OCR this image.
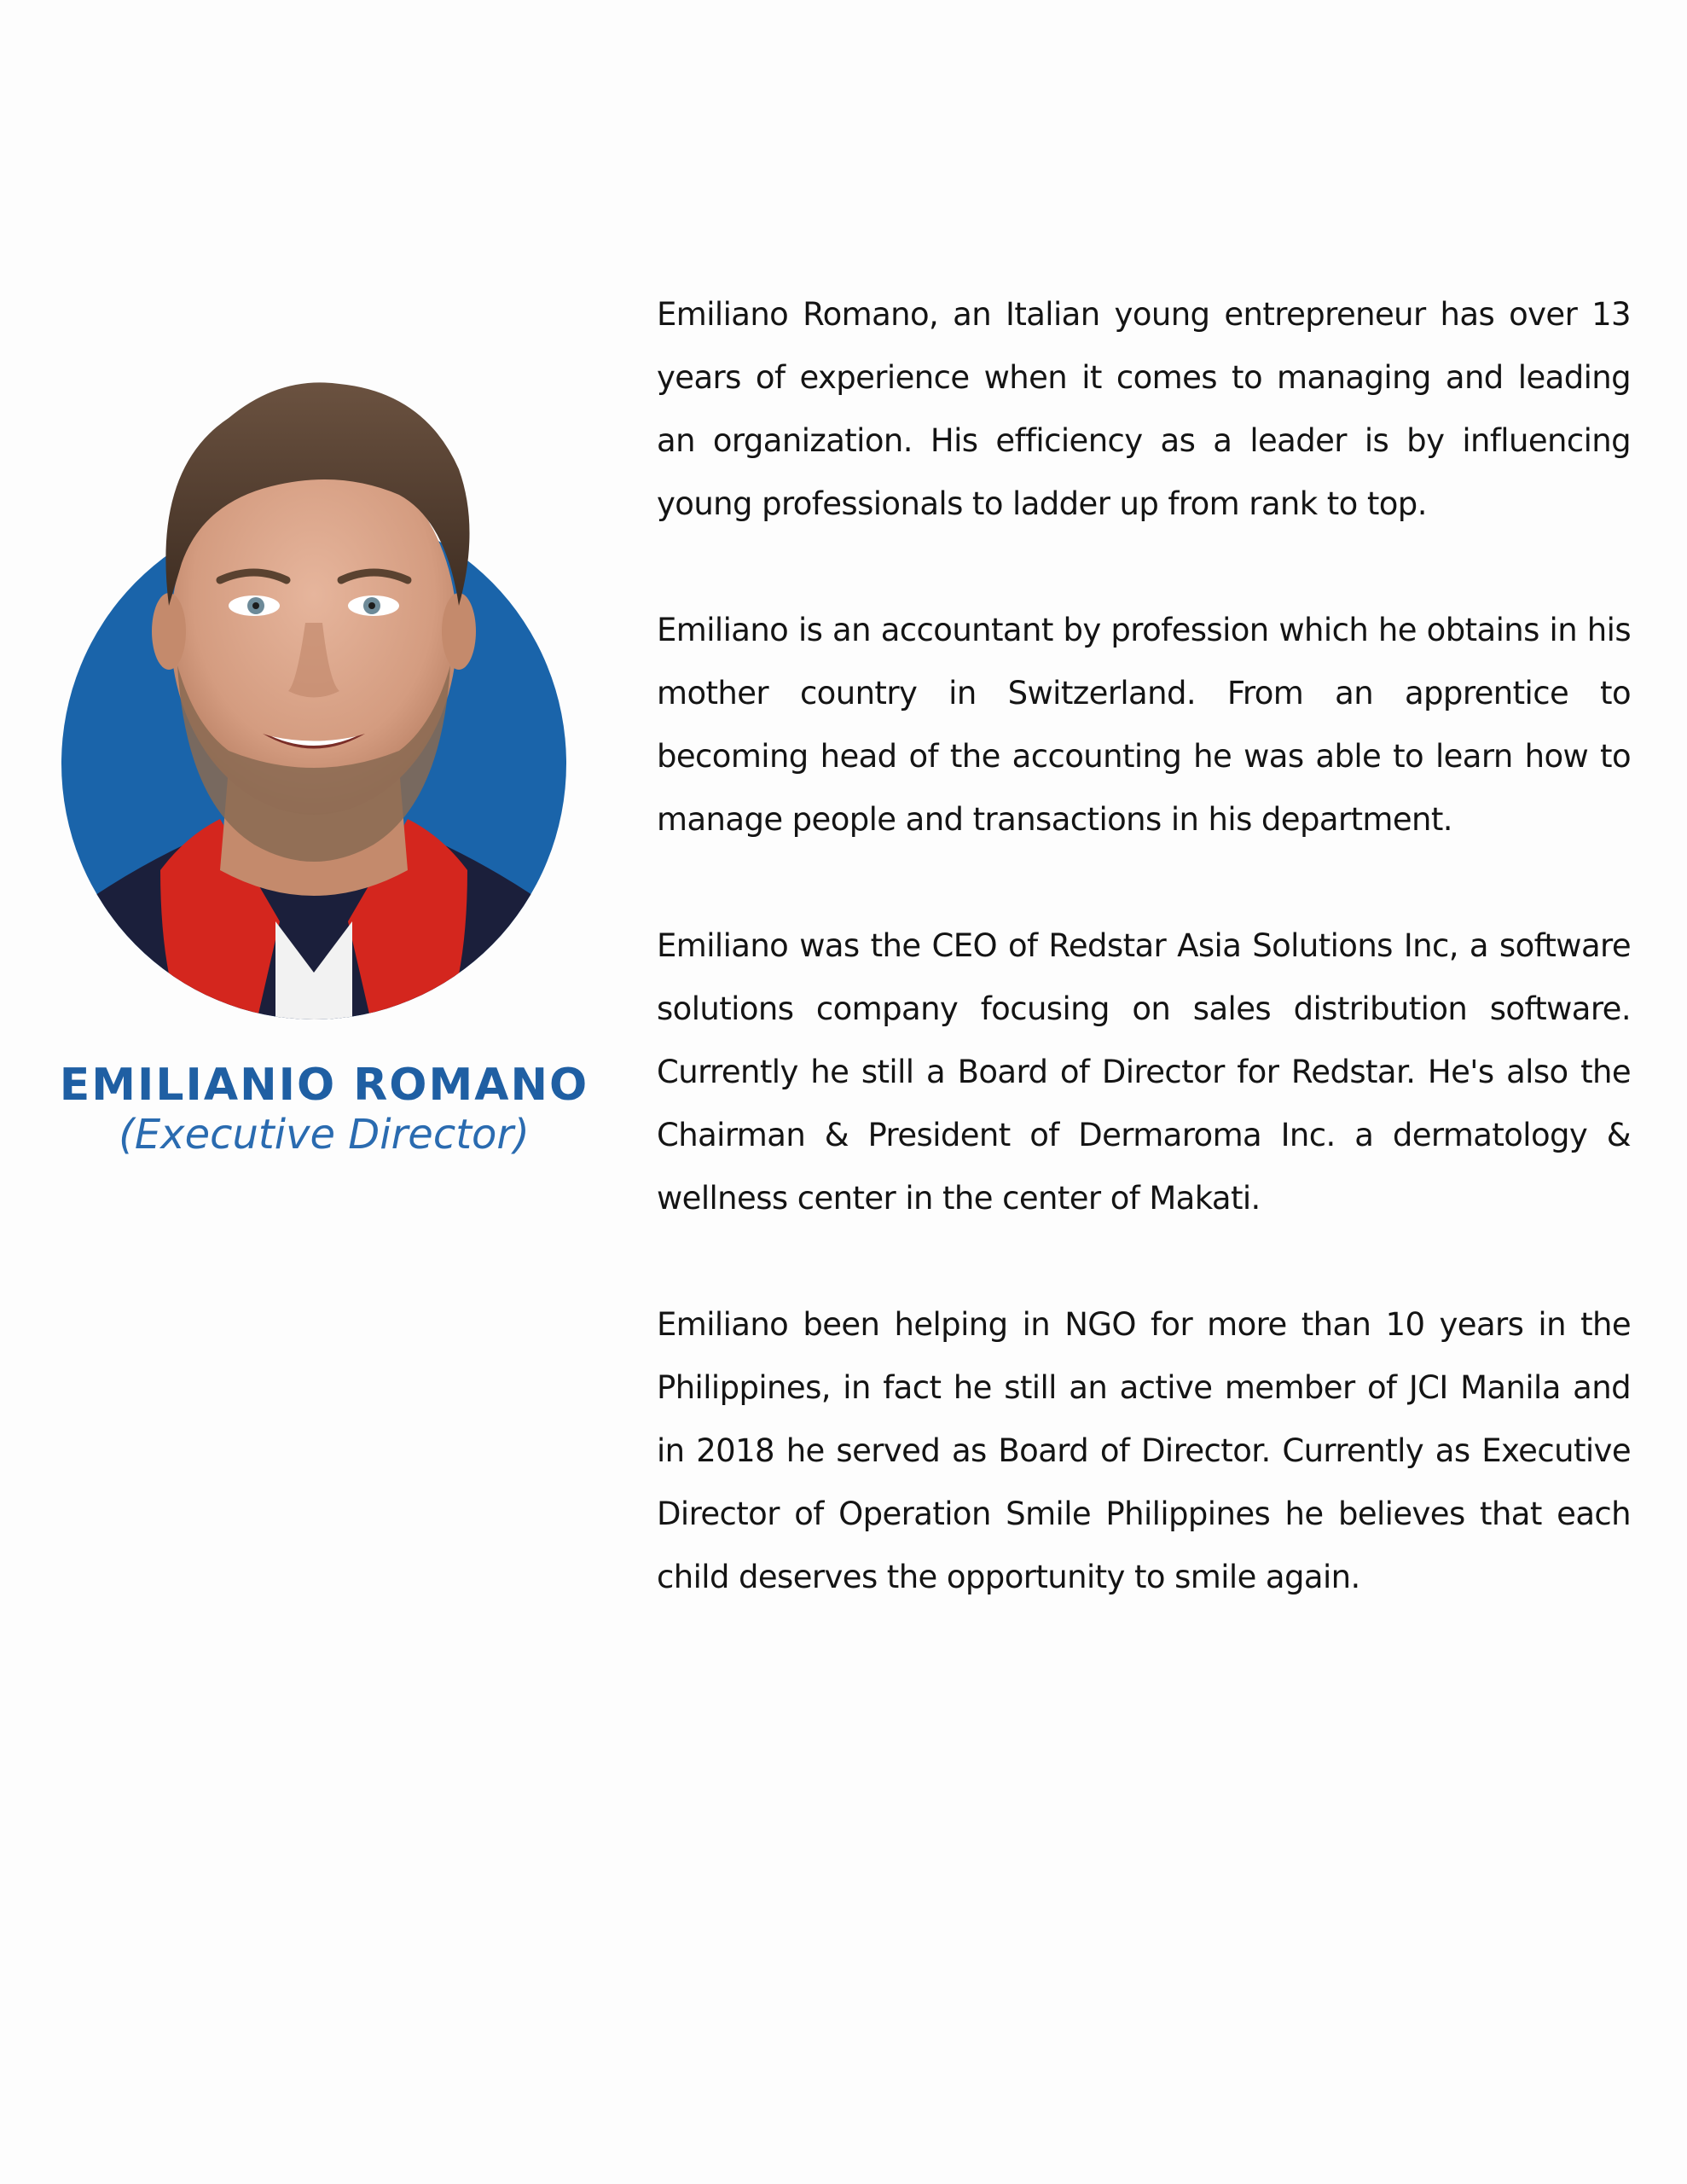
EMILIANIO ROMANO
(Executive Director)

Emiliano Romano, an Italian young entrepreneur has over 13 years of experience when it comes to managing and leading an organization. His efficiency as a leader is by influencing young professionals to ladder up from rank to top.

Emiliano is an accountant by profession which he obtains in his mother country in Switzerland. From an apprentice to becoming head of the accounting he was able to learn how to manage people and transactions in his department.

Emiliano was the CEO of Redstar Asia Solutions Inc, a software solutions company focusing on sales distribution software. Currently he still a Board of Director for Redstar. He's also the Chairman & President of Dermaroma Inc. a dermatology & wellness center in the center of Makati.

Emiliano been helping in NGO for more than 10 years in the Philippines, in fact he still an active member of JCI Manila and in 2018 he served as Board of Director. Currently as Executive Director of Operation Smile Philippines he believes that each child deserves the opportunity to smile again.
